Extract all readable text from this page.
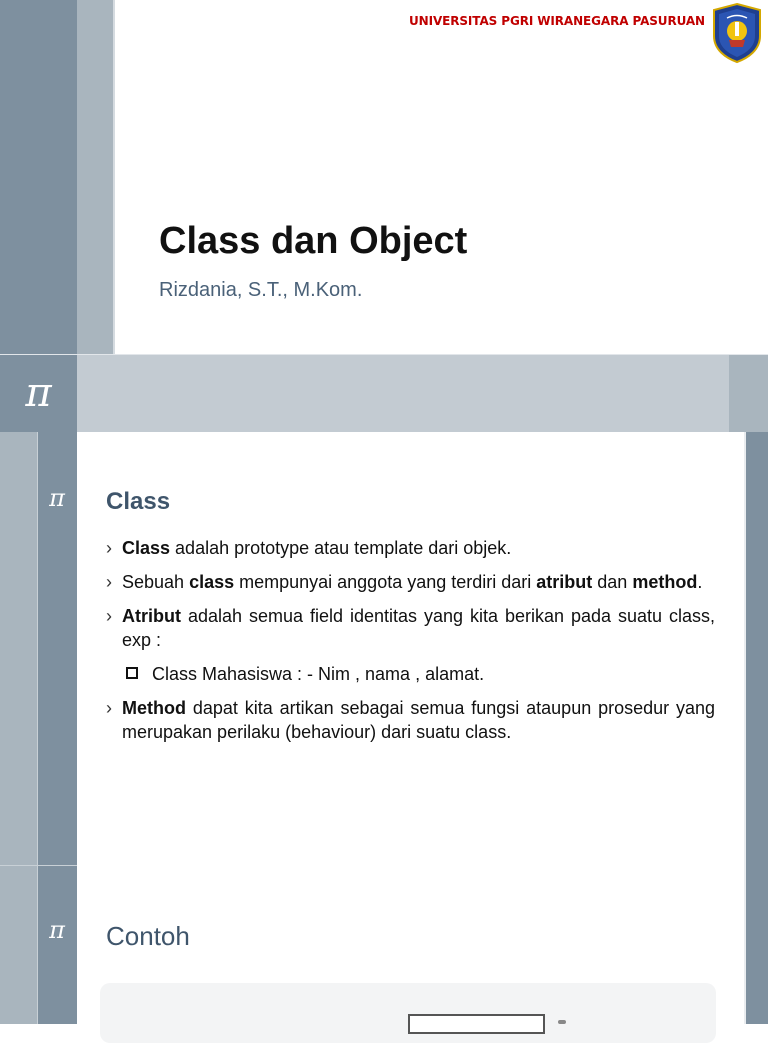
UNIVERSITAS PGRI WIRANEGARA PASURUAN
Class dan Object
Rizdania, S.T., M.Kom.
π
π	Class

› Class adalah prototype atau template dari objek.

› Sebuah class mempunyai anggota yang terdiri dari atribut dan method.

› Atribut adalah semua field identitas yang kita berikan pada suatu class, exp :

Class Mahasiswa : - Nim , nama , alamat.

› Method dapat kita artikan sebagai semua fungsi ataupun prosedur yang merupakan perilaku (behaviour) dari suatu class.

π	Contoh
